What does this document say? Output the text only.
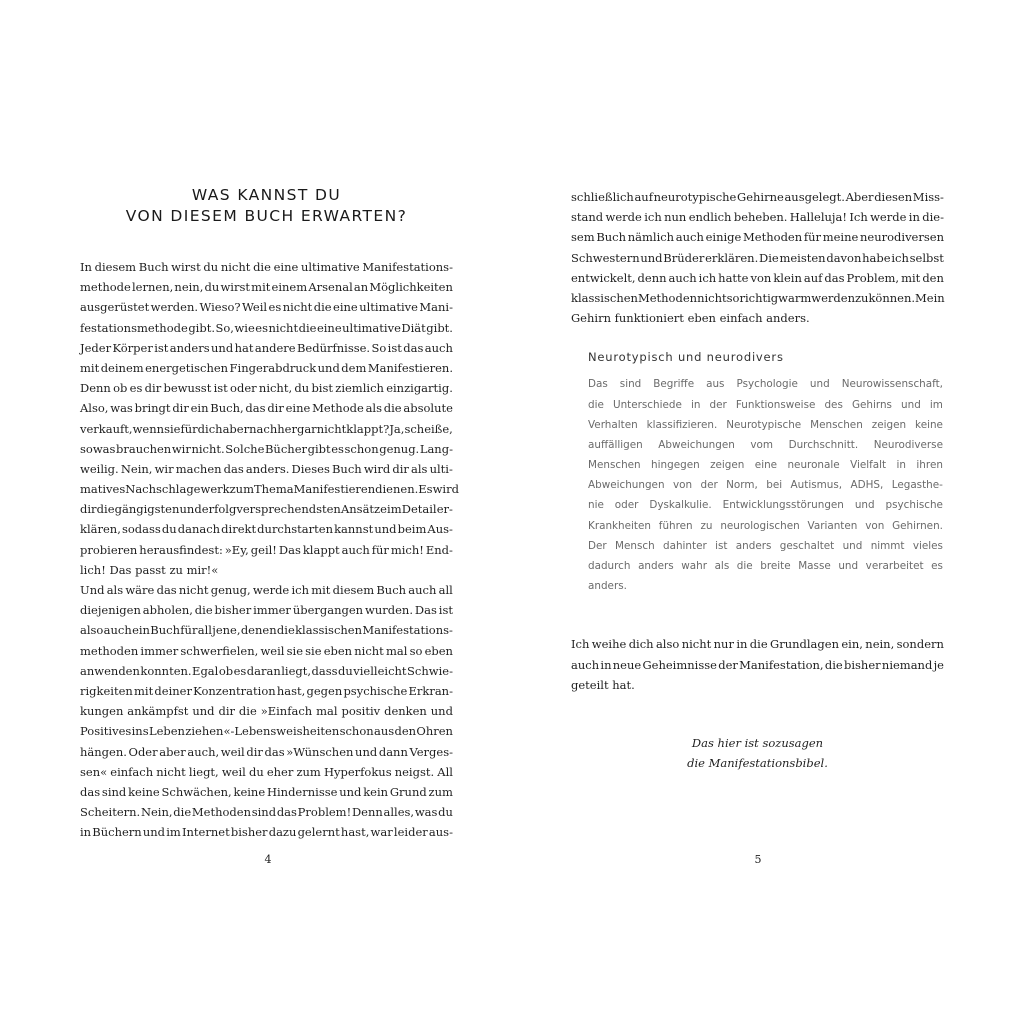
WAS KANNST DU
VON DIESEM BUCH ERWARTEN?
In diesem Buch wirst du nicht die eine ultimative Manifestations-
methode lernen, nein, du wirst mit einem Arsenal an Möglichkeiten
ausgerüstet werden. Wieso? Weil es nicht die eine ultimative Mani-
festationsmethode gibt. So, wie es nicht die eine ultimative Diät gibt.
Jeder Körper ist anders und hat andere Bedürfnisse. So ist das auch
mit deinem energetischen Fingerabdruck und dem Manifestieren.
Denn ob es dir bewusst ist oder nicht, du bist ziemlich einzigartig.
Also, was bringt dir ein Buch, das dir eine Methode als die absolute
verkauft, wenn sie für dich aber nachher gar nicht klappt? Ja, scheiße,
sowas brauchen wir nicht. Solche Bücher gibt es schon genug. Lang-
weilig. Nein, wir machen das anders. Dieses Buch wird dir als ulti-
matives Nachschlagewerk zum Thema Manifestieren dienen. Es wird
dir die gängigsten und erfolgversprechendsten Ansätze im Detail er-
klären, sodass du danach direkt durchstarten kannst und beim Aus-
probieren herausfindest: »Ey, geil! Das klappt auch für mich! End-
lich!
Das
passt
zu
mir!«

Und als wäre das nicht genug, werde ich mit diesem Buch auch all
diejenigen abholen, die bisher immer übergangen wurden. Das ist
also auch ein Buch für all jene, denen die klassischen Manifestations-
methoden immer schwerfielen, weil sie sie eben nicht mal so eben
anwenden konnten. Egal ob es daran liegt, dass du vielleicht Schwie-
rigkeiten mit deiner Konzentration hast, gegen psychische Erkran-
kungen ankämpfst und dir die »Einfach mal positiv denken und
Positives ins Leben ziehen«-Lebensweisheiten schon aus den Ohren
hängen. Oder aber auch, weil dir das »Wünschen und dann Verges-
sen« einfach nicht liegt, weil du eher zum Hyperfokus neigst. All
das sind keine Schwächen, keine Hindernisse und kein Grund zum
Scheitern. Nein, die Methoden sind das Problem! Denn alles, was du
in Büchern und im Internet bisher dazu gelernt hast, war leider aus-
schließlich auf neurotypische Gehirne ausgelegt. Aber diesen Miss-
stand werde ich nun endlich beheben. Halleluja! Ich werde in die-
sem Buch nämlich auch einige Methoden für meine neurodiversen
Schwestern und Brüder erklären. Die meisten davon habe ich selbst
entwickelt, denn auch ich hatte von klein auf das Problem, mit den
klassischen Methoden nicht so richtig warm werden zu können. Mein
Gehirn
funktioniert
eben
einfach
anders.

Neurotypisch und neurodivers
Das sind Begriffe aus Psychologie und Neurowissenschaft,
die Unterschiede in der Funktionsweise des Gehirns und im
Verhalten klassifizieren. Neurotypische Menschen zeigen keine
auffälligen Abweichungen vom Durchschnitt. Neurodiverse
Menschen hingegen zeigen eine neuronale Vielfalt in ihren
Abweichungen von der Norm, bei Autismus, ADHS, Legasthe-
nie oder Dyskalkulie. Entwicklungsstörungen und psychische
Krankheiten führen zu neurologischen Varianten von Gehirnen.
Der Mensch dahinter ist anders geschaltet und nimmt vieles
dadurch anders wahr als die breite Masse und verarbeitet es
anders.

Ich weihe dich also nicht nur in die Grundlagen ein, nein, sondern
auch in neue Geheimnisse der Manifestation, die bisher niemand je
geteilt
hat.

Das hier ist sozusagen
die Manifestationsbibel.
4	5
